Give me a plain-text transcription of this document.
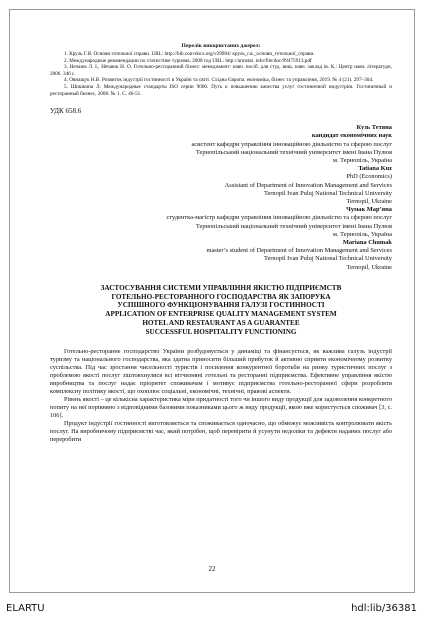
Перелік використаних джерел:

1. Круль Г.Я. Основи готельної справи. URL: http://bib.convdocs.org/v29984/ круль_г.я._основи_готельної_справи.

2. Международные рекомендации по статистике туризма, 2008 год URL: http://armstat. info/file/doc/99475913.pdf

3. Нечаюк Л. І., Нечаюк Н. О. Готельно-ресторанний бізнес: менеджмент: навч. посіб. для студ. вищ. навч. заклад ів. К.: Центр навч. літератури, 2006. 346 с.

4. Овнащук Н.В. Розвиток індустрії гостинності в Україні та світі. Східна Європа: економіка, бізнес та управління, 2019. № 4 (21). 297–304.

5. Шишкина Л. Международные стандарты ISO серии 9000. Путь к повышению качества услуг гостиничной индустрии. Гостиничный и ресторанный бизнес, 2008. № 1. С. 46-51.

УДК 658.6
Кузь Тетяна
кандидат економічних наук
асистент кафедри управління інноваційною діяльністю та сферою послуг
Тернопільський національний технічний університет імені Івана Пулюя
м. Тернопіль, Україна
Tatiana Kuz
PhD (Economics)
Assistant of Department of Innovation Management and Services
Ternopil Ivan Puluj National Technical University
Ternopil, Ukraine
Чумак Мар’яна
студентка-магістр кафедри управління інноваційною діяльністю та сферою послуг
Тернопільський національний технічний університет імені Івана Пулюя
м. Тернопіль, Україна
Mariana Chumak
master’s student of Department of Innovation Management and Services
Ternopil Ivan Puluj National Technical University
Ternopil, Ukraine
ЗАСТОСУВАННЯ СИСТЕМИ УПРАВЛІННЯ ЯКІСТЮ ПІДПРИЄМСТВ
ГОТЕЛЬНО-РЕСТОРАННОГО ГОСПОДАРСТВА ЯК ЗАПОРУКА
УСПІШНОГО ФУНКЦІОНУВАННЯ ГАЛУЗІ ГОСТИННОСТІ
APPLICATION OF ENTERPRISE QUALITY MANAGEMENT SYSTEM
HOTEL AND RESTAURANT AS A GUARANTEE
SUCCESSFUL HOSPITALITY FUNCTIONING

Готельно-ресторанне господарство України розбудовується у динаміці та фінансується, як важлива галузь індустрії туризму та національного господарства, яка здатна приносити більший прибуток й активно сприяти економічному розвитку суспільства. Під час зростання чисельності туристів і посилення конкурентної боротьби на ринку туристичних послуг з проблемою якості послуг зіштовхнулися всі вітчизняні готельні та ресторанні підприємства. Ефективне управління якістю виробництва та послуг надає пріоритет споживачам і мотивує підприємства готельно-ресторанної сфери розробляти комплексну політику якості, що охоплює соціальні, економічні, технічні, правові аспекти.

Рівень якості – це кількісна характеристика міри придатності того чи іншого виду продукції для задоволення конкретного попиту на неї порівняно з відповідними базовими показниками цього ж виду продукції, якою вже користується споживач [3, с. 106].

Продукт індустрії гостинності виготовляється та споживається одночасно, що обмежує можливість контролювати якість послуг. На виробничому підприємстві час, який потрібен, щоб перевірити й усунути недоліки та дефекти наданих послуг або переробити

22
ELARTU	hdl:lib/36381
